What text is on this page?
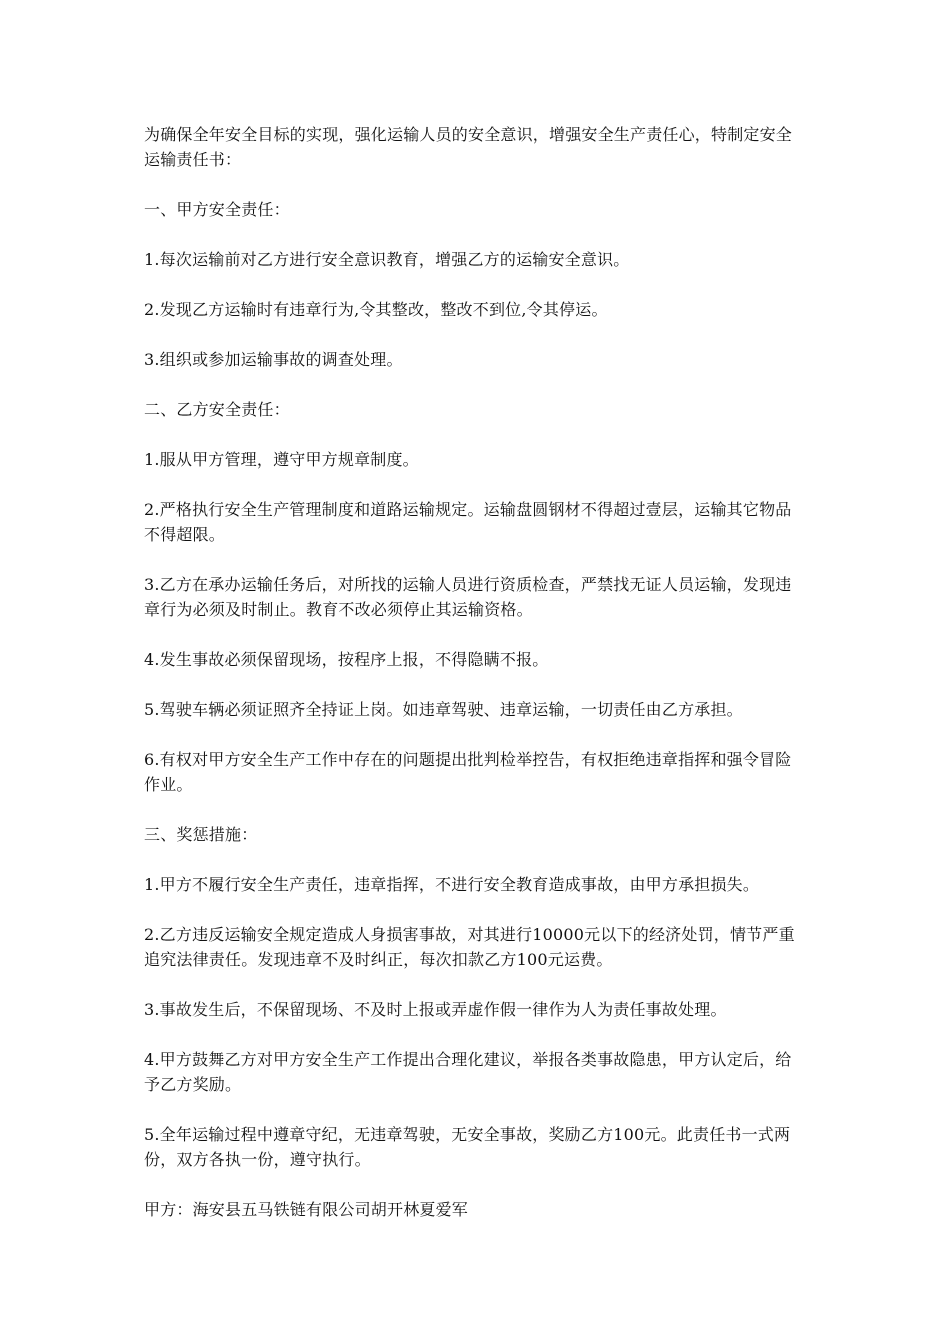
为确保全年安全目标的实现，强化运输人员的安全意识，增强安全生产责任心，特制定安全运输责任书：

一、甲方安全责任：

1.每次运输前对乙方进行安全意识教育，增强乙方的运输安全意识。

2.发现乙方运输时有违章行为,令其整改，整改不到位,令其停运。

3.组织或参加运输事故的调查处理。

二、乙方安全责任：

1.服从甲方管理，遵守甲方规章制度。

2.严格执行安全生产管理制度和道路运输规定。运输盘圆钢材不得超过壹层，运输其它物品不得超限。

3.乙方在承办运输任务后，对所找的运输人员进行资质检查，严禁找无证人员运输，发现违章行为必须及时制止。教育不改必须停止其运输资格。

4.发生事故必须保留现场，按程序上报，不得隐瞒不报。

5.驾驶车辆必须证照齐全持证上岗。如违章驾驶、违章运输，一切责任由乙方承担。

6.有权对甲方安全生产工作中存在的问题提出批判检举控告，有权拒绝违章指挥和强令冒险作业。

三、奖惩措施：

1.甲方不履行安全生产责任，违章指挥，不进行安全教育造成事故，由甲方承担损失。

2.乙方违反运输安全规定造成人身损害事故，对其进行10000元以下的经济处罚，情节严重追究法律责任。发现违章不及时纠正，每次扣款乙方100元运费。

3.事故发生后，不保留现场、不及时上报或弄虚作假一律作为人为责任事故处理。

4.甲方鼓舞乙方对甲方安全生产工作提出合理化建议，举报各类事故隐患，甲方认定后，给予乙方奖励。

5.全年运输过程中遵章守纪，无违章驾驶，无安全事故，奖励乙方100元。此责任书一式两份，双方各执一份，遵守执行。

甲方：海安县五马铁链有限公司胡开林夏爱军
